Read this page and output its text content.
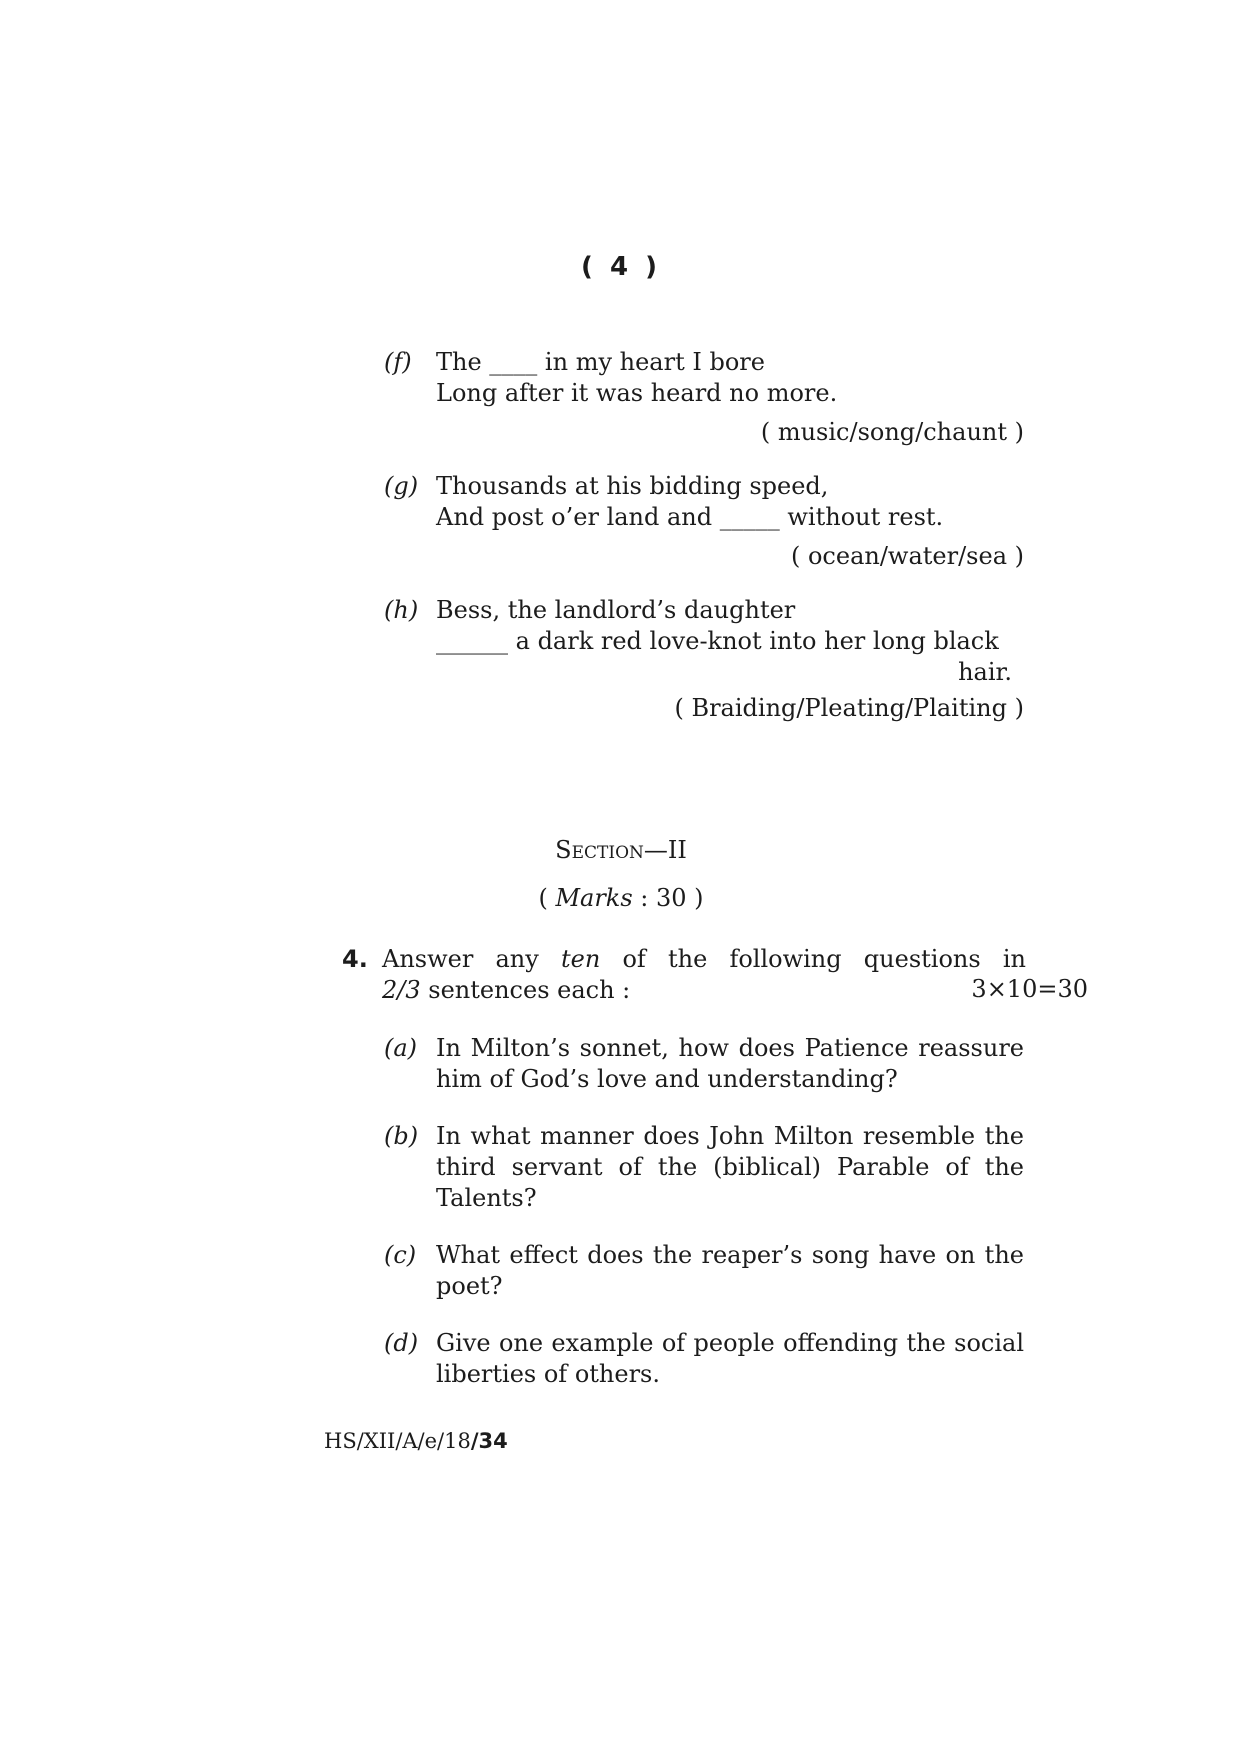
( 4 )
(f) The ____ in my heart I bore
Long after it was heard no more.
( music/song/chaunt )
(g) Thousands at his bidding speed,
And post o’er land and _____ without rest.
( ocean/water/sea )
(h) Bess, the landlord’s daughter
______ a dark red love-knot into her long black
hair.
( Braiding/Pleating/Plaiting )
Section—II
( Marks : 30 )
4. Answer any ten of the following questions in
2/3 sentences each :	3×10=30
(a) In Milton’s sonnet, how does Patience reassure
him of God’s love and understanding?
(b) In what manner does John Milton resemble the
third servant of the (biblical) Parable of the
Talents?
(c) What effect does the reaper’s song have on the
poet?
(d) Give one example of people offending the social
liberties of others.
HS/XII/A/e/18/34
